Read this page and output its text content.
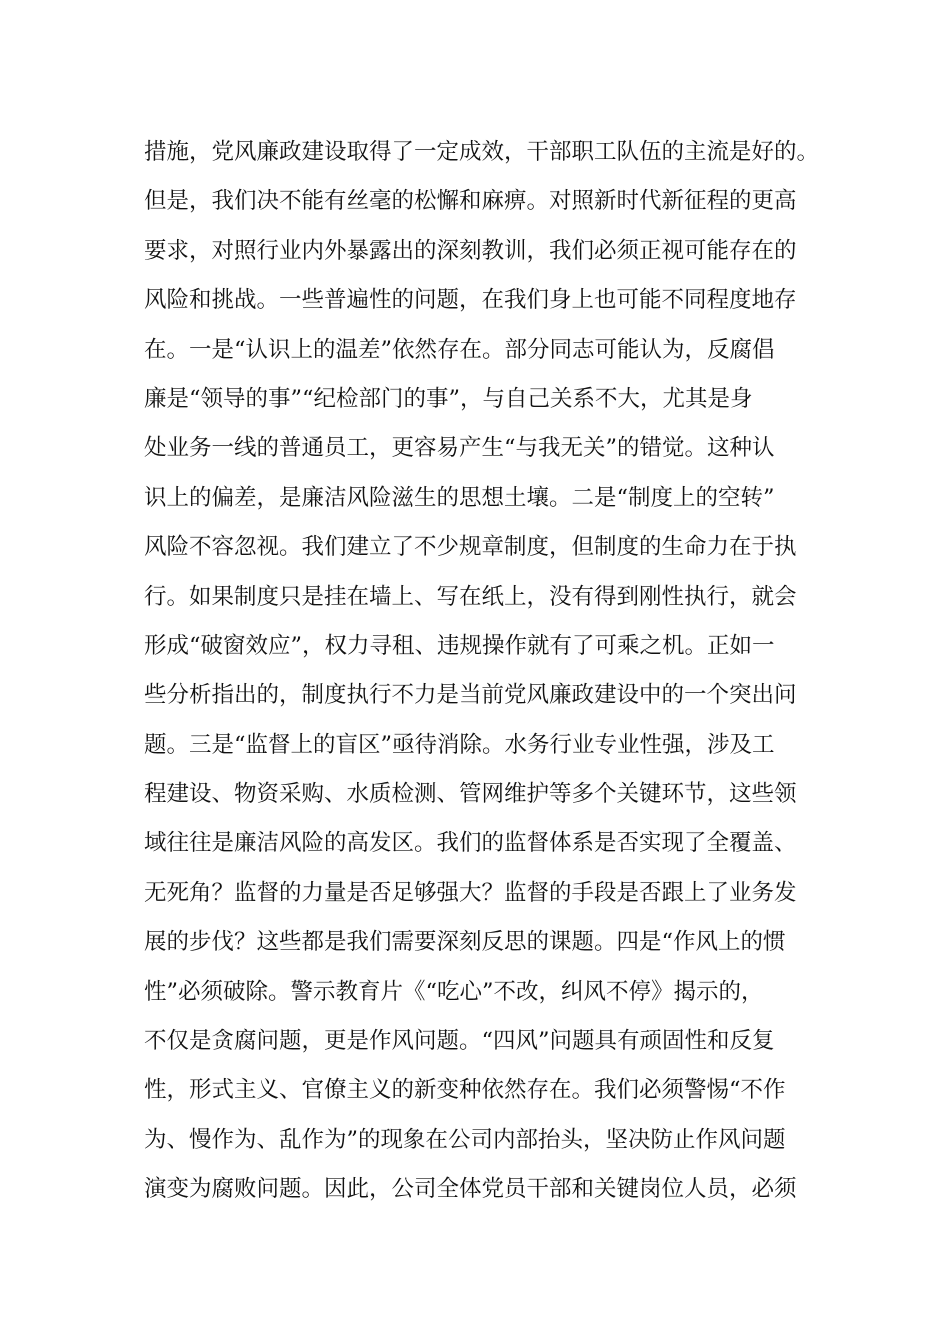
措施，党风廉政建设取得了一定成效，干部职工队伍的主流是好的。
但是，我们决不能有丝毫的松懈和麻痹。对照新时代新征程的更高
要求，对照行业内外暴露出的深刻教训，我们必须正视可能存在的
风险和挑战。一些普遍性的问题，在我们身上也可能不同程度地存
在。一是“认识上的温差”依然存在。部分同志可能认为，反腐倡
廉是“领导的事”“纪检部门的事”，与自己关系不大，尤其是身
处业务一线的普通员工，更容易产生“与我无关”的错觉。这种认
识上的偏差，是廉洁风险滋生的思想土壤。二是“制度上的空转”
风险不容忽视。我们建立了不少规章制度，但制度的生命力在于执
行。如果制度只是挂在墙上、写在纸上，没有得到刚性执行，就会
形成“破窗效应”，权力寻租、违规操作就有了可乘之机。正如一
些分析指出的，制度执行不力是当前党风廉政建设中的一个突出问
题。三是“监督上的盲区”亟待消除。水务行业专业性强，涉及工
程建设、物资采购、水质检测、管网维护等多个关键环节，这些领
域往往是廉洁风险的高发区。我们的监督体系是否实现了全覆盖、
无死角？监督的力量是否足够强大？监督的手段是否跟上了业务发
展的步伐？这些都是我们需要深刻反思的课题。四是“作风上的惯
性”必须破除。警示教育片《“吃心”不改，纠风不停》揭示的，
不仅是贪腐问题，更是作风问题。“四风”问题具有顽固性和反复
性，形式主义、官僚主义的新变种依然存在。我们必须警惕“不作
为、慢作为、乱作为”的现象在公司内部抬头，坚决防止作风问题
演变为腐败问题。因此，公司全体党员干部和关键岗位人员，必须
